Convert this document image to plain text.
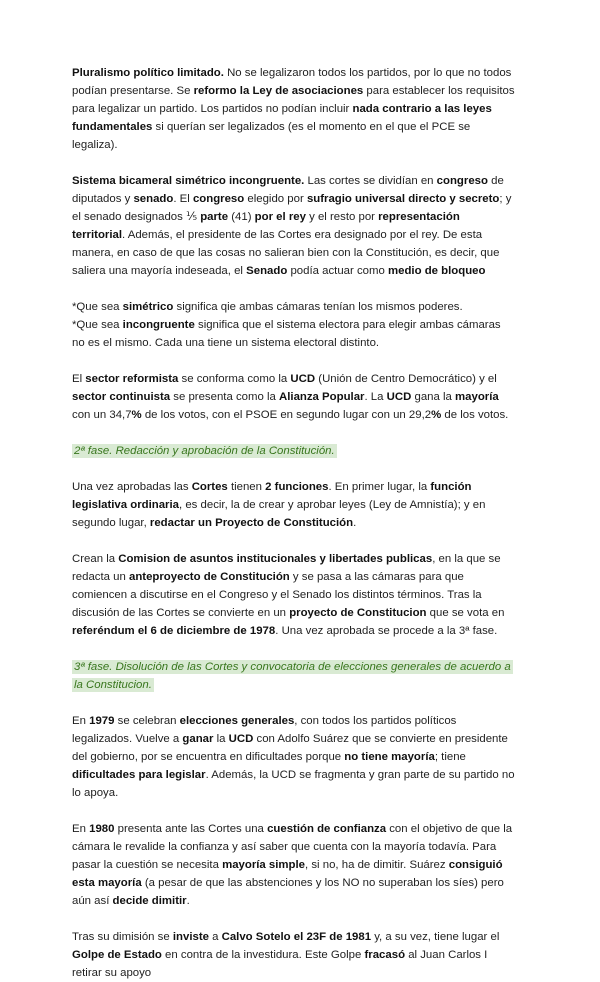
Pluralismo político limitado. No se legalizaron todos los partidos, por lo que no todos podían presentarse. Se reformo la Ley de asociaciones para establecer los requisitos para legalizar un partido. Los partidos no podían incluir nada contrario a las leyes fundamentales si querían ser legalizados (es el momento en el que el PCE se legaliza).

Sistema bicameral simétrico incongruente. Las cortes se dividían en congreso de diputados y senado. El congreso elegido por sufragio universal directo y secreto; y el senado designados ⅕ parte (41) por el rey y el resto por representación territorial. Además, el presidente de las Cortes era designado por el rey. De esta manera, en caso de que las cosas no salieran bien con la Constitución, es decir, que saliera una mayoría indeseada, el Senado podía actuar como medio de bloqueo

*Que sea simétrico significa qie ambas cámaras tenían los mismos poderes.

*Que sea incongruente significa que el sistema electora para elegir ambas cámaras no es el mismo. Cada una tiene un sistema electoral distinto.

El sector reformista se conforma como la UCD (Unión de Centro Democrático) y el sector continuista se presenta como la Alianza Popular. La UCD gana la mayoría con un 34,7% de los votos, con el PSOE en segundo lugar con un 29,2% de los votos.

2ª fase. Redacción y aprobación de la Constitución.

Una vez aprobadas las Cortes tienen 2 funciones. En primer lugar, la función legislativa ordinaria, es decir, la de crear y aprobar leyes (Ley de Amnistía); y en segundo lugar, redactar un Proyecto de Constitución.

Crean la Comision de asuntos institucionales y libertades publicas, en la que se redacta un anteproyecto de Constitución y se pasa a las cámaras para que comiencen a discutirse en el Congreso y el Senado los distintos términos. Tras la discusión de las Cortes se convierte en un proyecto de Constitucion que se vota en referéndum el 6 de diciembre de 1978. Una vez aprobada se procede a la 3ª fase.

3ª fase. Disolución de las Cortes y convocatoria de elecciones generales de acuerdo a la Constitucion.

En 1979 se celebran elecciones generales, con todos los partidos políticos legalizados. Vuelve a ganar la UCD con Adolfo Suárez que se convierte en presidente del gobierno, por se encuentra en dificultades porque no tiene mayoría; tiene dificultades para legislar. Además, la UCD se fragmenta y gran parte de su partido no lo apoya.

En 1980 presenta ante las Cortes una cuestión de confianza con el objetivo de que la cámara le revalide la confianza y así saber que cuenta con la mayoría todavía. Para pasar la cuestión se necesita mayoría simple, si no, ha de dimitir. Suárez consiguió esta mayoría (a pesar de que las abstenciones y los NO no superaban los síes) pero aún así decide dimitir.

Tras su dimisión se inviste a Calvo Sotelo el 23F de 1981 y, a su vez, tiene lugar el Golpe de Estado en contra de la investidura. Este Golpe fracasó al Juan Carlos I retirar su apoyo
